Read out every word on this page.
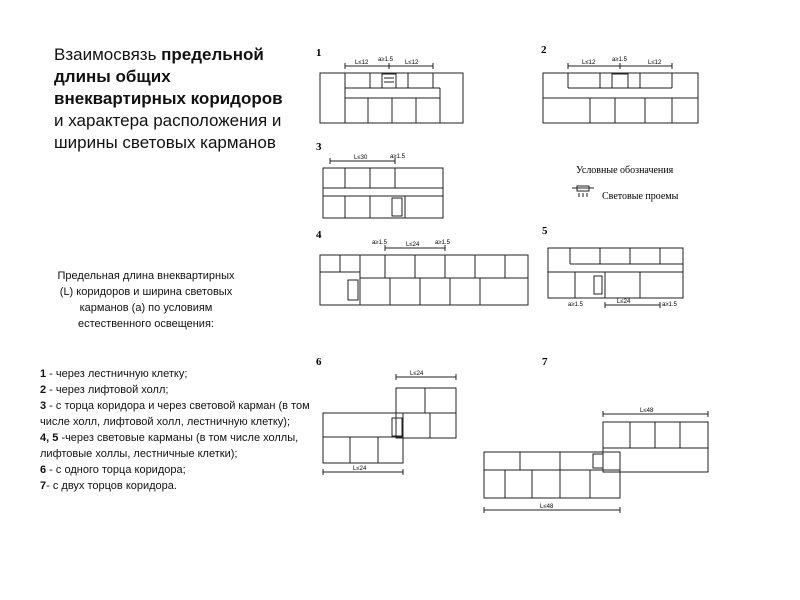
Взаимосвязь предельной длины общих внеквартирных коридоров и характера расположения и ширины световых карманов
Предельная длина внеквартирных (L) коридоров и ширина световых карманов (a) по условиям естественного освещения:
1 - через лестничную клетку;
2 - через лифтовой холл;
3 - с торца коридора и через световой карман (в том числе холл, лифтовой холл, лестничную клетку);
4, 5 -через световые карманы (в том числе холлы, лифтовые холлы, лестничные клетки);
6 - с одного торца коридора;
7- с двух торцов коридора.
1	2
3
4	5
6	7
L≤12 a≥1.5 L≤12	L≤12	a≥1.5	L≤12
L≤30	a≥1.5
a≥1.5	L≤24	a≥1.5
a≥1.5	L≤24	a≥1.5
L≤24
L≤24
L≤48
L≤48
Условные обозначения
Световые проемы
